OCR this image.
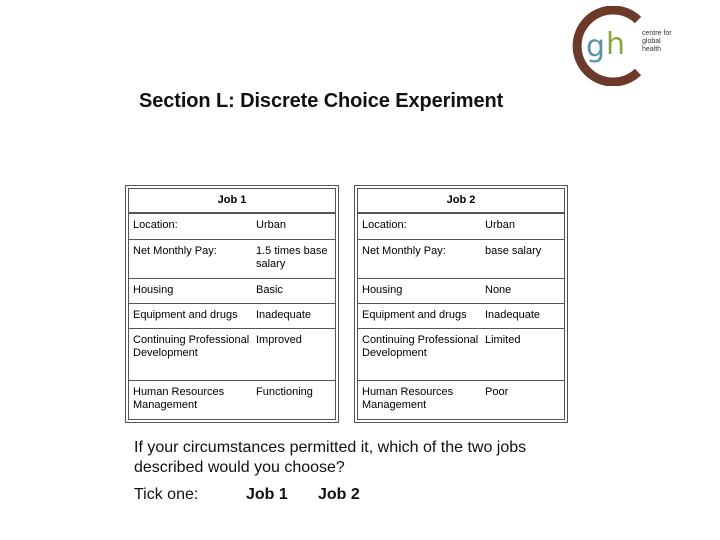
g h centre for
global
health
Section L: Discrete Choice Experiment
Job 1	
Location:	Urban
Net Monthly Pay:	1.5 times base salary
Housing	Basic
Equipment and drugs	Inadequate
Continuing Professional Development	Improved
Human Resources Management	Functioning
Job 2	
Location:	Urban
Net Monthly Pay:	base salary
Housing	None
Equipment and drugs	Inadequate
Continuing Professional Development	Limited
Human Resources Management	Poor
If your circumstances permitted it, which of the two jobs described would you choose?
Tick one:	Job 1 Job 2
